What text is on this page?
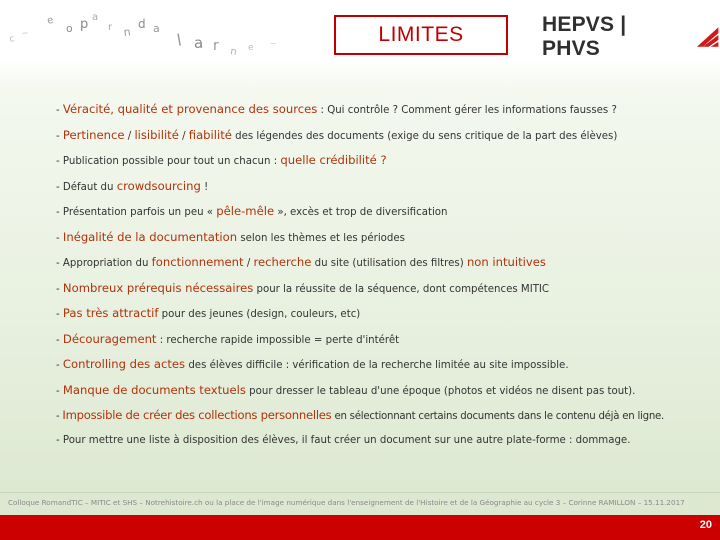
c
~
e
o p a
r n
d a
l a r n e ~	LIMITES	HEPVS | PHVS
- Véracité, qualité et provenance des sources : Qui contrôle ? Comment gérer les informations fausses ?
- Pertinence / lisibilité / fiabilité des légendes des documents (exige du sens critique de la part des élèves)
- Publication possible pour tout un chacun : quelle crédibilité ?
- Défaut du crowdsourcing !
- Présentation parfois un peu « pêle-mêle », excès et trop de diversification
- Inégalité de la documentation selon les thèmes et les périodes
- Appropriation du fonctionnement / recherche du site (utilisation des filtres) non intuitives
- Nombreux prérequis nécessaires pour la réussite de la séquence, dont compétences MITIC
- Pas très attractif pour des jeunes (design, couleurs, etc)
- Découragement : recherche rapide impossible = perte d'intérêt
- Controlling des actes des élèves difficile : vérification de la recherche limitée au site impossible.
- Manque de documents textuels pour dresser le tableau d'une époque (photos et vidéos ne disent pas tout).
- Impossible de créer des collections personnelles en sélectionnant certains documents dans le contenu déjà en ligne.
- Pour mettre une liste à disposition des élèves, il faut créer un document sur une autre plate-forme : dommage.
Colloque RomandTIC – MITIC et SHS – Notrehistoire.ch ou la place de l'image numérique dans l'enseignement de l'Histoire et de la Géographie au cycle 3 – Corinne RAMILLON – 15.11.2017
20
